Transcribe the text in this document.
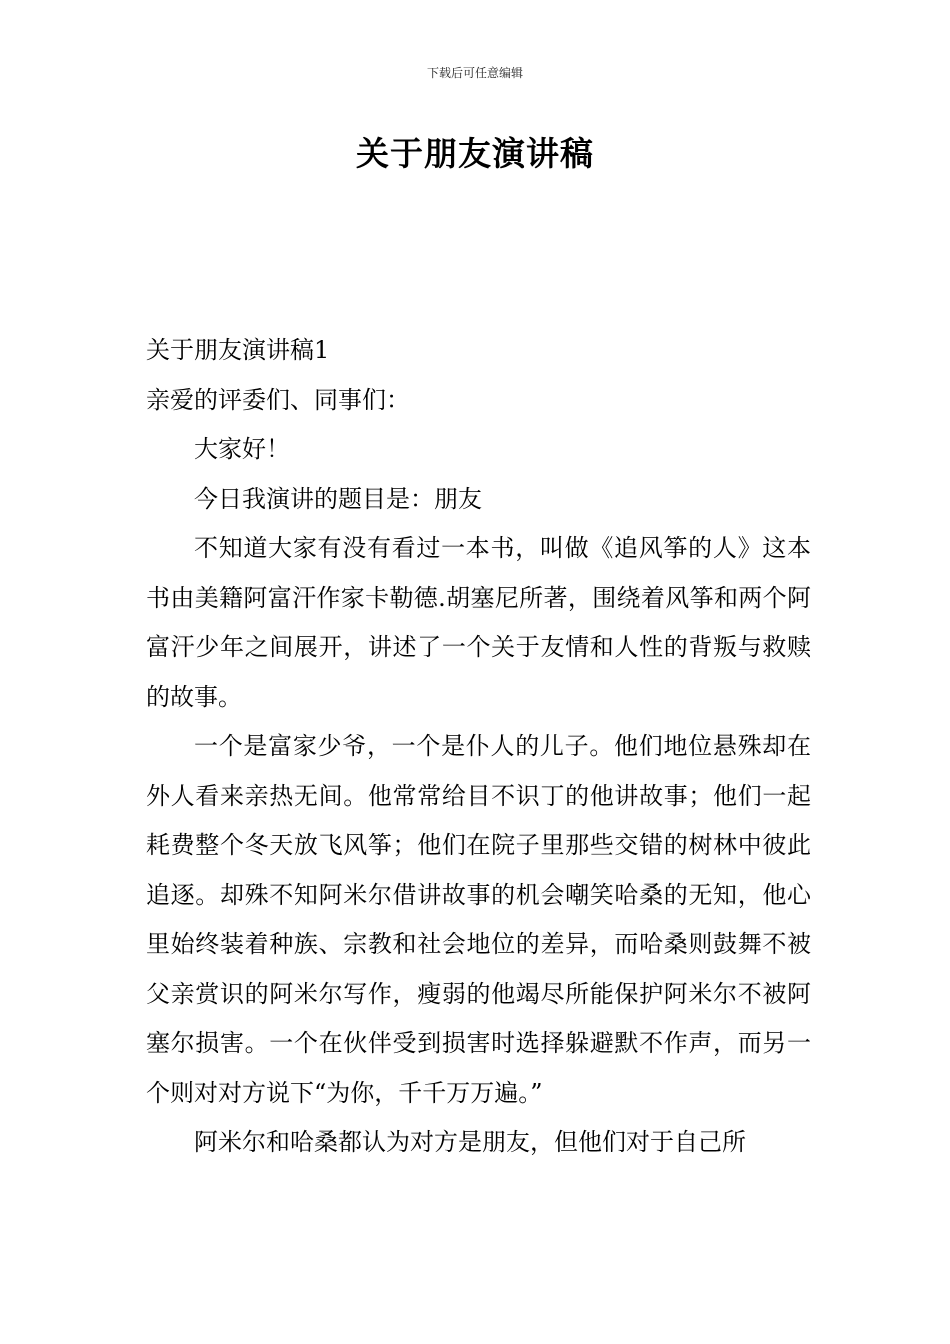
下载后可任意编辑
关于朋友演讲稿

关于朋友演讲稿1

亲爱的评委们、同事们：

大家好！

今日我演讲的题目是：朋友

不知道大家有没有看过一本书，叫做《追风筝的人》这本书由美籍阿富汗作家卡勒德.胡塞尼所著，围绕着风筝和两个阿富汗少年之间展开，讲述了一个关于友情和人性的背叛与救赎的故事。

一个是富家少爷，一个是仆人的儿子。他们地位悬殊却在外人看来亲热无间。他常常给目不识丁的他讲故事；他们一起耗费整个冬天放飞风筝；他们在院子里那些交错的树林中彼此追逐。却殊不知阿米尔借讲故事的机会嘲笑哈桑的无知，他心里始终装着种族、宗教和社会地位的差异，而哈桑则鼓舞不被父亲赏识的阿米尔写作，瘦弱的他竭尽所能保护阿米尔不被阿塞尔损害。一个在伙伴受到损害时选择躲避默不作声，而另一个则对对方说下“为你，千千万万遍。”

阿米尔和哈桑都认为对方是朋友，但他们对于自己所
